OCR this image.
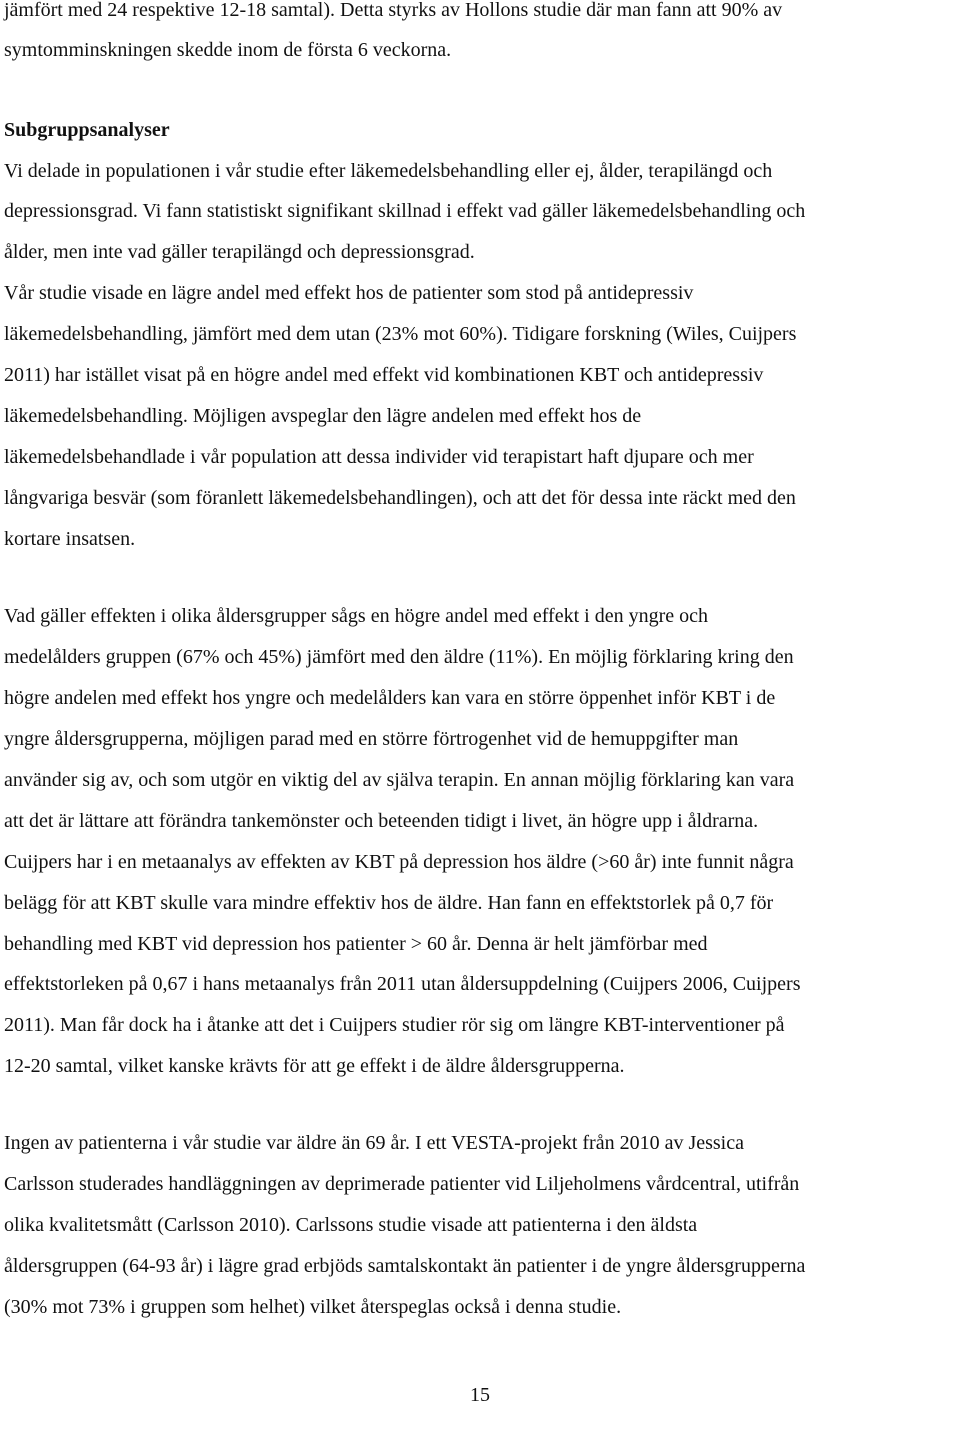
jämfört med 24 respektive 12-18 samtal). Detta styrks av Hollons studie där man fann att 90% av
symtomminskningen skedde inom de första 6 veckorna.
Subgruppsanalyser
Vi delade in populationen i vår studie efter läkemedelsbehandling eller ej, ålder, terapilängd och
depressionsgrad. Vi fann statistiskt signifikant skillnad i effekt vad gäller läkemedelsbehandling och
ålder, men inte vad gäller terapilängd och depressionsgrad.
Vår studie visade en lägre andel med effekt hos de patienter som stod på antidepressiv
läkemedelsbehandling, jämfört med dem utan (23% mot 60%). Tidigare forskning (Wiles, Cuijpers
2011) har istället visat på en högre andel med effekt vid kombinationen KBT och antidepressiv
läkemedelsbehandling. Möjligen avspeglar den lägre andelen med effekt hos de
läkemedelsbehandlade i vår population att dessa individer vid terapistart haft djupare och mer
långvariga besvär (som föranlett läkemedelsbehandlingen), och att det för dessa inte räckt med den
kortare insatsen.
Vad gäller effekten i olika åldersgrupper sågs en högre andel med effekt i den yngre och
medelålders gruppen (67% och 45%) jämfört med den äldre (11%). En möjlig förklaring kring den
högre andelen med effekt hos yngre och medelålders kan vara en större öppenhet inför KBT i de
yngre åldersgrupperna, möjligen parad med en större förtrogenhet vid de hemuppgifter man
använder sig av, och som utgör en viktig del av själva terapin. En annan möjlig förklaring kan vara
att det är lättare att förändra tankemönster och beteenden tidigt i livet, än högre upp i åldrarna.
Cuijpers har i en metaanalys av effekten av KBT på depression hos äldre (>60 år) inte funnit några
belägg för att KBT skulle vara mindre effektiv hos de äldre. Han fann en effektstorlek på 0,7 för
behandling med KBT vid depression hos patienter > 60 år. Denna är helt jämförbar med
effektstorleken på 0,67 i hans metaanalys från 2011 utan åldersuppdelning (Cuijpers 2006, Cuijpers
2011). Man får dock ha i åtanke att det i Cuijpers studier rör sig om längre KBT-interventioner på
12-20 samtal, vilket kanske krävts för att ge effekt i de äldre åldersgrupperna.
Ingen av patienterna i vår studie var äldre än 69 år. I ett VESTA-projekt från 2010 av Jessica
Carlsson studerades handläggningen av deprimerade patienter vid Liljeholmens vårdcentral, utifrån
olika kvalitetsmått (Carlsson 2010). Carlssons studie visade att patienterna i den äldsta
åldersgruppen (64-93 år) i lägre grad erbjöds samtalskontakt än patienter i de yngre åldersgrupperna
(30% mot 73% i gruppen som helhet) vilket återspeglas också i denna studie.
15
